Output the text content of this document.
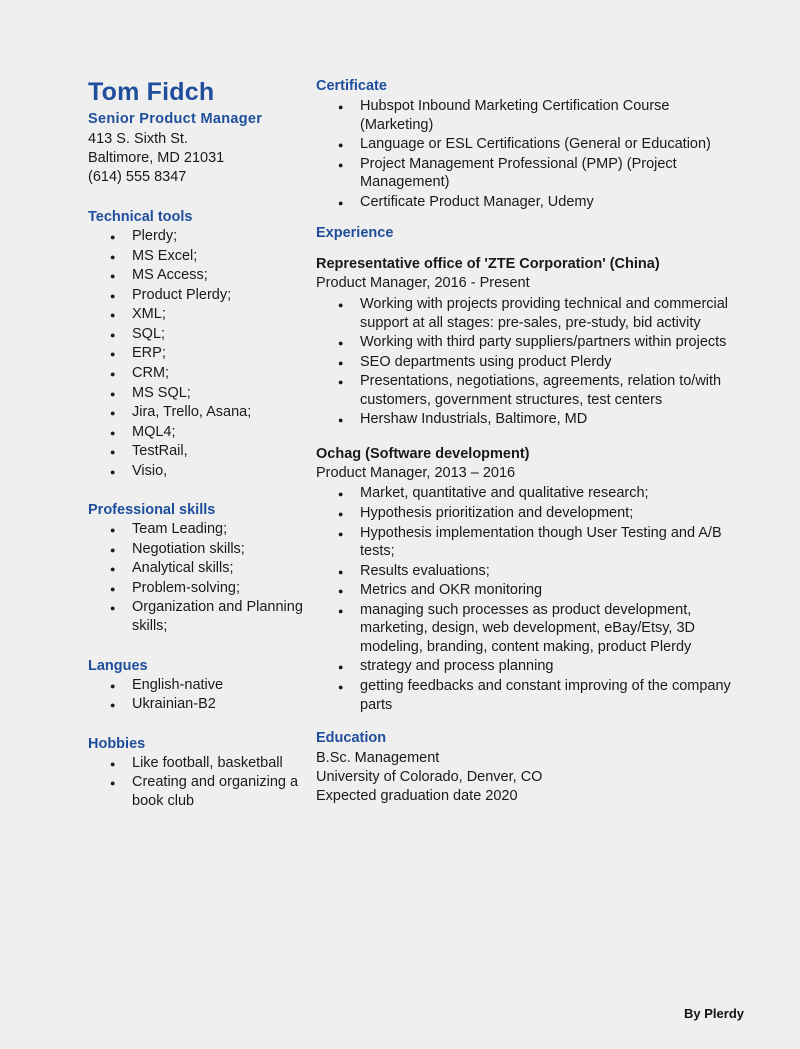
Tom Fidch
Senior Product Manager
413 S. Sixth St.
Baltimore, MD 21031
(614) 555 8347
Technical tools
● Plerdy;
● MS Excel;
● MS Access;
● Product Plerdy;
● XML;
● SQL;
● ERP;
● CRM;
● MS SQL;
● Jira, Trello, Asana;
● MQL4;
● TestRail,
● Visio,
Professional skills
● Team Leading;
● Negotiation skills;
● Analytical skills;
● Problem-solving;
● Organization and Planning skills;
Langues
● English-native
● Ukrainian-B2
Hobbies
● Like football, basketball
● Creating and organizing a book club
Certificate
● Hubspot Inbound Marketing Certification Course (Marketing)
● Language or ESL Certifications (General or Education)
● Project Management Professional (PMP) (Project Management)
● Certificate Product Manager, Udemy
Experience
Representative office of 'ZTE Corporation' (China)
Product Manager, 2016 - Present
● Working with projects providing technical and commercial support at all stages: pre-sales, pre-study, bid activity
● Working with third party suppliers/partners within projects
● SEO departments using product Plerdy
● Presentations, negotiations, agreements, relation to/with customers, government structures, test centers
● Hershaw Industrials, Baltimore, MD
Ochag (Software development)
Product Manager, 2013 – 2016
● Market, quantitative and qualitative research;
● Hypothesis prioritization and development;
● Hypothesis implementation though User Testing and A/B tests;
● Results evaluations;
● Metrics and OKR monitoring
● managing such processes as product development, marketing, design, web development, eBay/Etsy, 3D modeling, branding, content making, product Plerdy
● strategy and process planning
● getting feedbacks and constant improving of the company parts
Education
B.Sc. Management
University of Colorado, Denver, CO
Expected graduation date 2020
By Plerdy
